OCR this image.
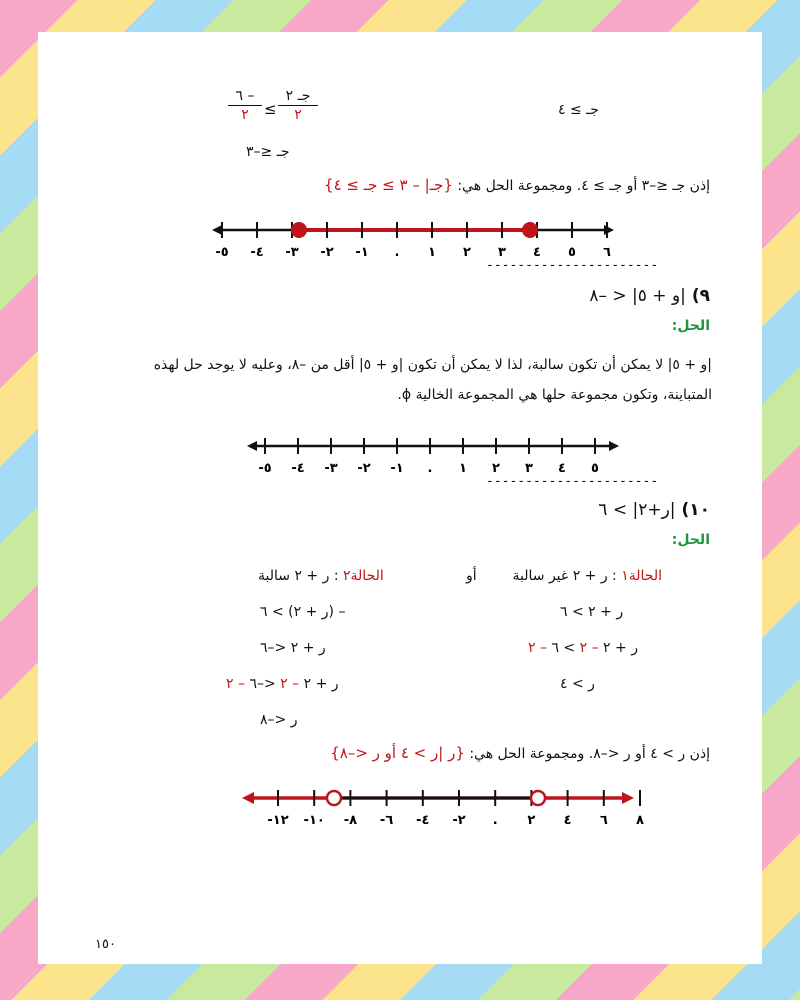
جـ ≥ ٤
جـ ٢
٢
≤
٦ –
٢
جـ ≤–٣
إذن جـ ≤–٣ أو جـ ≥ ٤. ومجموعة الحل هي: {جـ| – ٣ ≥ جـ ≥ ٤}
٦
٥
٤
٣
٢
١
.
-١
-٢
-٣
-٤
-٥
----------------------
٩) |و + ٥| < –٨
الحل:
|و + ٥| لا يمكن أن تكون سالبة، لذا لا يمكن أن تكون |و + ٥| أقل من –٨، وعليه لا يوجد حل لهذه
المتباينة، وتكون مجموعة حلها هي المجموعة الخالية ϕ.
٥
٤
٣
٢
١
.
-١
-٢
-٣
-٤
-٥
----------------------
١٠) |ر+٢| > ٦
الحل:
الحالة١ : ر + ٢ غير سالبة
أو
الحالة٢ : ر + ٢ سالبة
ر + ٢ > ٦
ر + ٢ – ٢ > ٦ – ٢
ر > ٤
– (ر + ٢) > ٦
ر + ٢ <–٦
ر + ٢ – ٢ <–٦ – ٢
ر <–٨
إذن ر > ٤ أو ر <–٨. ومجموعة الحل هي: {ر |ر > ٤ أو ر <–٨}
٨
٦
٤
٢
.
-٢
-٤
-٦
-٨
-١٠
-١٢
١٥٠
